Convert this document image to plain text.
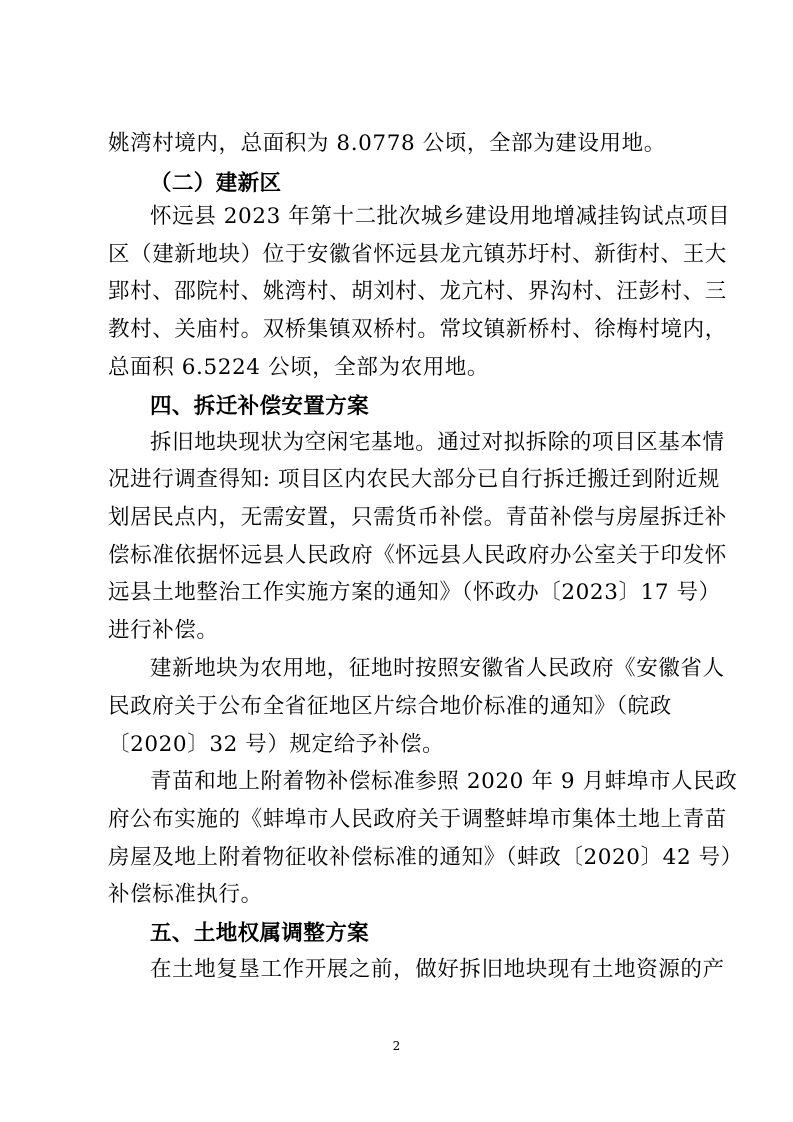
姚湾村境内，总面积为 8.0778 公顷，全部为建设用地。
（二）建新区
怀远县 2023 年第十二批次城乡建设用地增减挂钩试点项目
区（建新地块）位于安徽省怀远县龙亢镇苏圩村、新街村、王大
郢村、邵院村、姚湾村、胡刘村、龙亢村、界沟村、汪彭村、三
教村、关庙村。双桥集镇双桥村。常坟镇新桥村、徐梅村境内，
总面积 6.5224 公顷，全部为农用地。
四、拆迁补偿安置方案
拆旧地块现状为空闲宅基地。通过对拟拆除的项目区基本情
况进行调查得知: 项目区内农民大部分已自行拆迁搬迁到附近规
划居民点内，无需安置，只需货币补偿。青苗补偿与房屋拆迁补
偿标准依据怀远县人民政府《怀远县人民政府办公室关于印发怀
远县土地整治工作实施方案的通知》（怀政办〔2023〕17 号）
进行补偿。
建新地块为农用地，征地时按照安徽省人民政府《安徽省人
民政府关于公布全省征地区片综合地价标准的通知》（皖政
〔2020〕32 号）规定给予补偿。
青苗和地上附着物补偿标准参照 2020 年 9 月蚌埠市人民政
府公布实施的《蚌埠市人民政府关于调整蚌埠市集体土地上青苗
房屋及地上附着物征收补偿标准的通知》（蚌政〔2020〕42 号）
补偿标准执行。
五、土地权属调整方案
在土地复垦工作开展之前，做好拆旧地块现有土地资源的产
2
